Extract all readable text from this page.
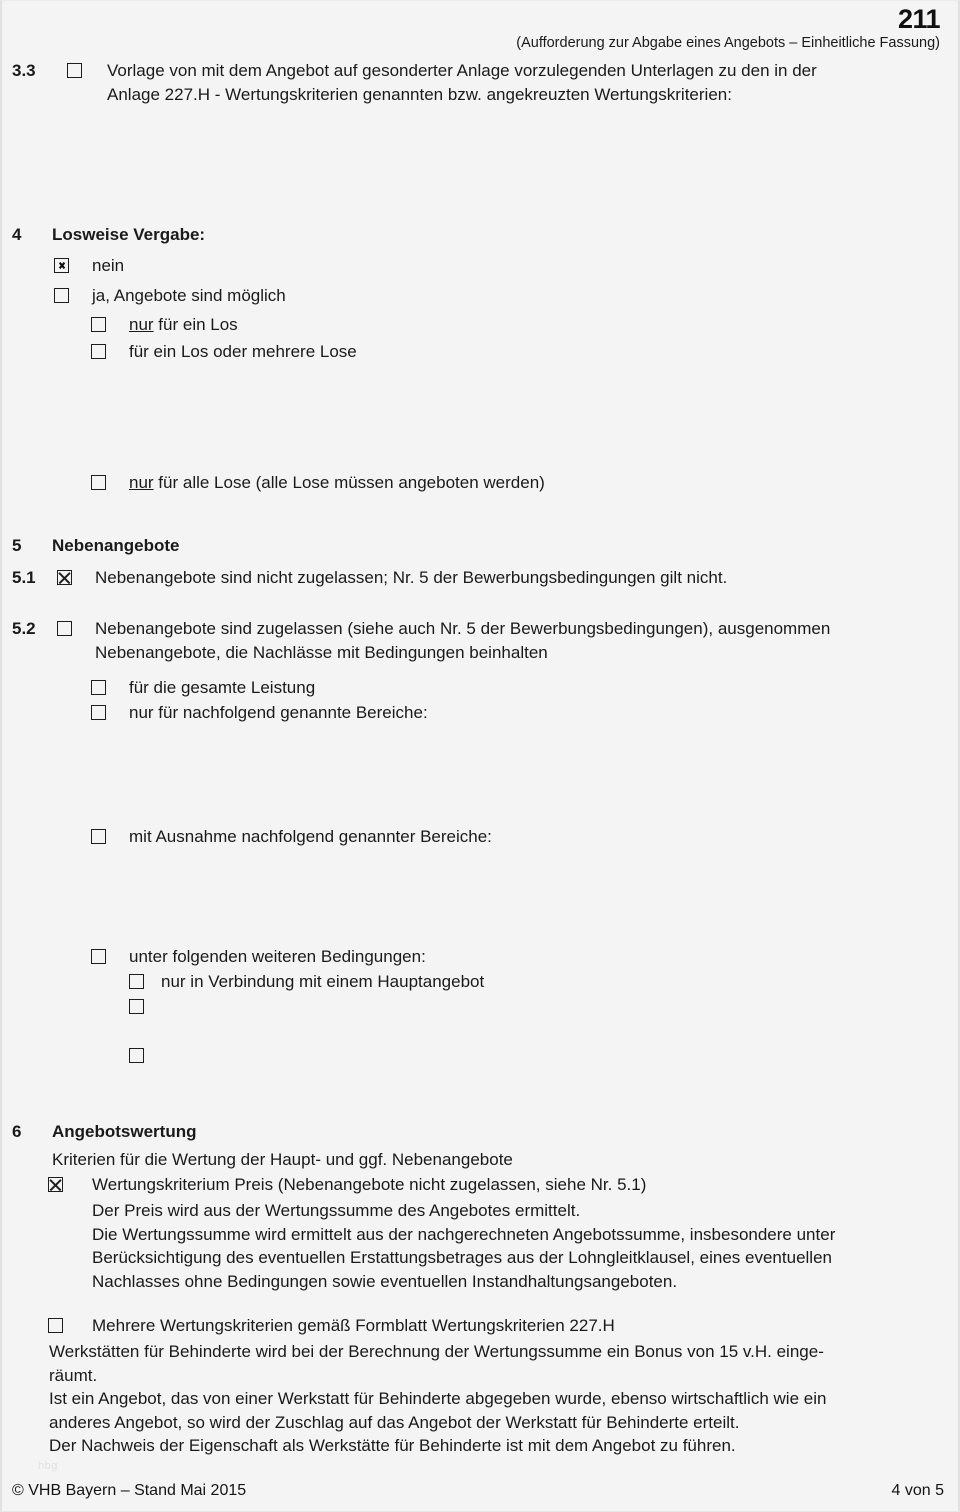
211
(Aufforderung zur Abgabe eines Angebots – Einheitliche Fassung)
3.3	Vorlage von mit dem Angebot auf gesonderter Anlage vorzulegenden Unterlagen zu den in der
Anlage 227.H - Wertungskriterien genannten bzw. angekreuzten Wertungskriterien:
4	Losweise Vergabe:
✖
nein
ja, Angebote sind möglich
nur für ein Los
für ein Los oder mehrere Lose
nur für alle Lose (alle Lose müssen angeboten werden)
5	Nebenangebote
5.1	Nebenangebote sind nicht zugelassen; Nr. 5 der Bewerbungsbedingungen gilt nicht.
5.2	Nebenangebote sind zugelassen (siehe auch Nr. 5 der Bewerbungsbedingungen), ausgenommen
Nebenangebote, die Nachlässe mit Bedingungen beinhalten
für die gesamte Leistung
nur für nachfolgend genannte Bereiche:
mit Ausnahme nachfolgend genannter Bereiche:
unter folgenden weiteren Bedingungen:
nur in Verbindung mit einem Hauptangebot
6	Angebotswertung
Kriterien für die Wertung der Haupt- und ggf. Nebenangebote
Wertungskriterium Preis (Nebenangebote nicht zugelassen, siehe Nr. 5.1)
Der Preis wird aus der Wertungssumme des Angebotes ermittelt.
Die Wertungssumme wird ermittelt aus der nachgerechneten Angebotssumme, insbesondere unter
Berücksichtigung des eventuellen Erstattungsbetrages aus der Lohngleitklausel, eines eventuellen
Nachlasses ohne Bedingungen sowie eventuellen Instandhaltungsangeboten.
Mehrere Wertungskriterien gemäß Formblatt Wertungskriterien 227.H
Werkstätten für Behinderte wird bei der Berechnung der Wertungssumme ein Bonus von 15 v.H. einge-
räumt.
Ist ein Angebot, das von einer Werkstatt für Behinderte abgegeben wurde, ebenso wirtschaftlich wie ein
anderes Angebot, so wird der Zuschlag auf das Angebot der Werkstatt für Behinderte erteilt.
Der Nachweis der Eigenschaft als Werkstätte für Behinderte ist mit dem Angebot zu führen.
hbg
© VHB Bayern – Stand Mai 2015	4 von 5
